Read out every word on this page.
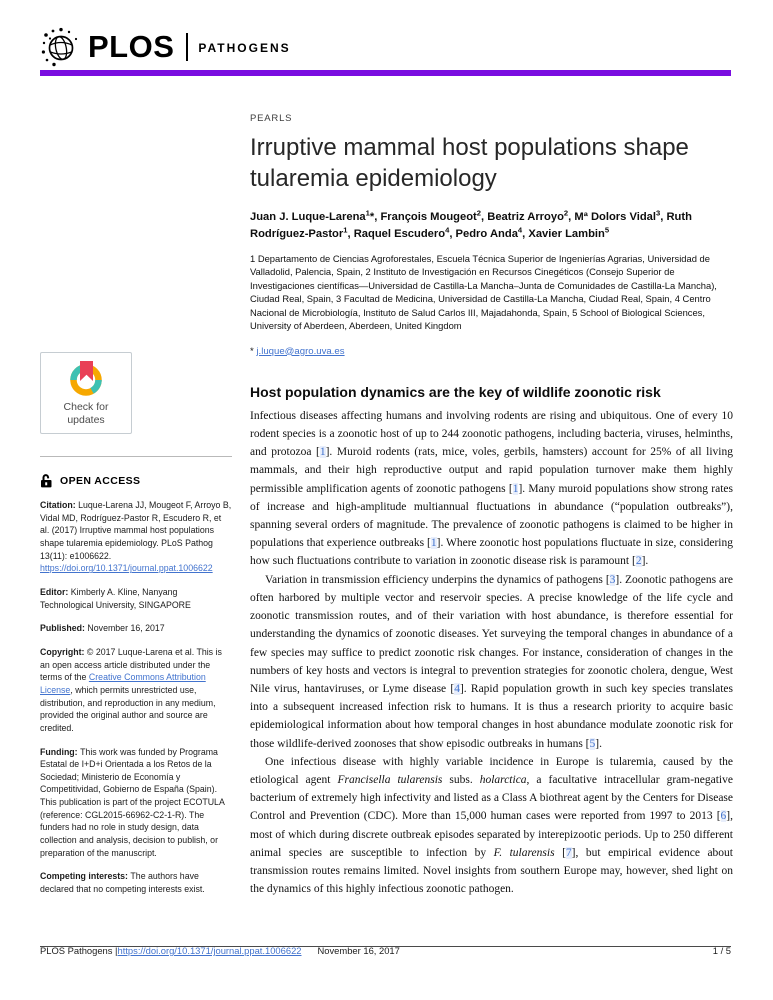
PLOS PATHOGENS
Check for
updates
OPEN ACCESS

Citation: Luque-Larena JJ, Mougeot F, Arroyo B, Vidal MD, Rodríguez-Pastor R, Escudero R, et al. (2017) Irruptive mammal host populations shape tularemia epidemiology. PLoS Pathog 13(11): e1006622. https://doi.org/10.1371/journal.ppat.1006622

Editor: Kimberly A. Kline, Nanyang Technological University, SINGAPORE

Published: November 16, 2017

Copyright: © 2017 Luque-Larena et al. This is an open access article distributed under the terms of the Creative Commons Attribution License, which permits unrestricted use, distribution, and reproduction in any medium, provided the original author and source are credited.

Funding: This work was funded by Programa Estatal de I+D+i Orientada a los Retos de la Sociedad; Ministerio de Economía y Competitividad, Gobierno de España (Spain). This publication is part of the project ECOTULA (reference: CGL2015-66962-C2-1-R). The funders had no role in study design, data collection and analysis, decision to publish, or preparation of the manuscript.

Competing interests: The authors have declared that no competing interests exist.

PEARLS
Irruptive mammal host populations shape tularemia epidemiology

Juan J. Luque-Larena$^1$*, François Mougeot$^2$, Beatriz Arroyo$^2$, Mª Dolors Vidal$^3$, Ruth Rodríguez-Pastor$^1$, Raquel Escudero$^4$, Pedro Anda$^4$, Xavier Lambin$^5$

1 Departamento de Ciencias Agroforestales, Escuela Técnica Superior de Ingenierías Agrarias, Universidad de Valladolid, Palencia, Spain, 2 Instituto de Investigación en Recursos Cinegéticos (Consejo Superior de Investigaciones científicas—Universidad de Castilla-La Mancha–Junta de Comunidades de Castilla-La Mancha), Ciudad Real, Spain, 3 Facultad de Medicina, Universidad de Castilla-La Mancha, Ciudad Real, Spain, 4 Centro Nacional de Microbiología, Instituto de Salud Carlos III, Majadahonda, Spain, 5 School of Biological Sciences, University of Aberdeen, Aberdeen, United Kingdom

* j.luque@agro.uva.es

Host population dynamics are the key of wildlife zoonotic risk

Infectious diseases affecting humans and involving rodents are rising and ubiquitous. One of every 10 rodent species is a zoonotic host of up to 244 zoonotic pathogens, including bacteria, viruses, helminths, and protozoa [1]. Muroid rodents (rats, mice, voles, gerbils, hamsters) account for 25% of all living mammals, and their high reproductive output and rapid population turnover make them highly permissible amplification agents of zoonotic pathogens [1]. Many muroid populations show strong rates of increase and high-amplitude multiannual fluctuations in abundance (“population outbreaks”), spanning several orders of magnitude. The prevalence of zoonotic pathogens is claimed to be higher in populations that experience outbreaks [1]. Where zoonotic host populations fluctuate in size, considering how such fluctuations contribute to variation in zoonotic disease risk is paramount [2].

Variation in transmission efficiency underpins the dynamics of pathogens [3]. Zoonotic pathogens are often harbored by multiple vector and reservoir species. A precise knowledge of the life cycle and zoonotic transmission routes, and of their variation with host abundance, is therefore essential for understanding the dynamics of zoonotic diseases. Yet surveying the temporal changes in abundance of a few species may suffice to predict zoonotic risk changes. For instance, consideration of changes in the numbers of key hosts and vectors is integral to prevention strategies for zoonotic cholera, dengue, West Nile virus, hantaviruses, or Lyme disease [4]. Rapid population growth in such key species translates into a subsequent increased infection risk to humans. It is thus a research priority to acquire basic epidemiological information about how temporal changes in host abundance modulate zoonotic risk for those wildlife-derived zoonoses that show episodic outbreaks in humans [5].

One infectious disease with highly variable incidence in Europe is tularemia, caused by the etiological agent Francisella tularensis subs. holarctica, a facultative intracellular gram-negative bacterium of extremely high infectivity and listed as a Class A biothreat agent by the Centers for Disease Control and Prevention (CDC). More than 15,000 human cases were reported from 1997 to 2013 [6], most of which during discrete outbreak episodes separated by interepizootic periods. Up to 250 different animal species are susceptible to infection by F. tularensis [7], but empirical evidence about transmission routes remains limited. Novel insights from southern Europe may, however, shed light on the dynamics of this highly infectious zoonotic pathogen.

PLOS Pathogens | https://doi.org/10.1371/journal.ppat.1006622 November 16, 2017	1 / 5
